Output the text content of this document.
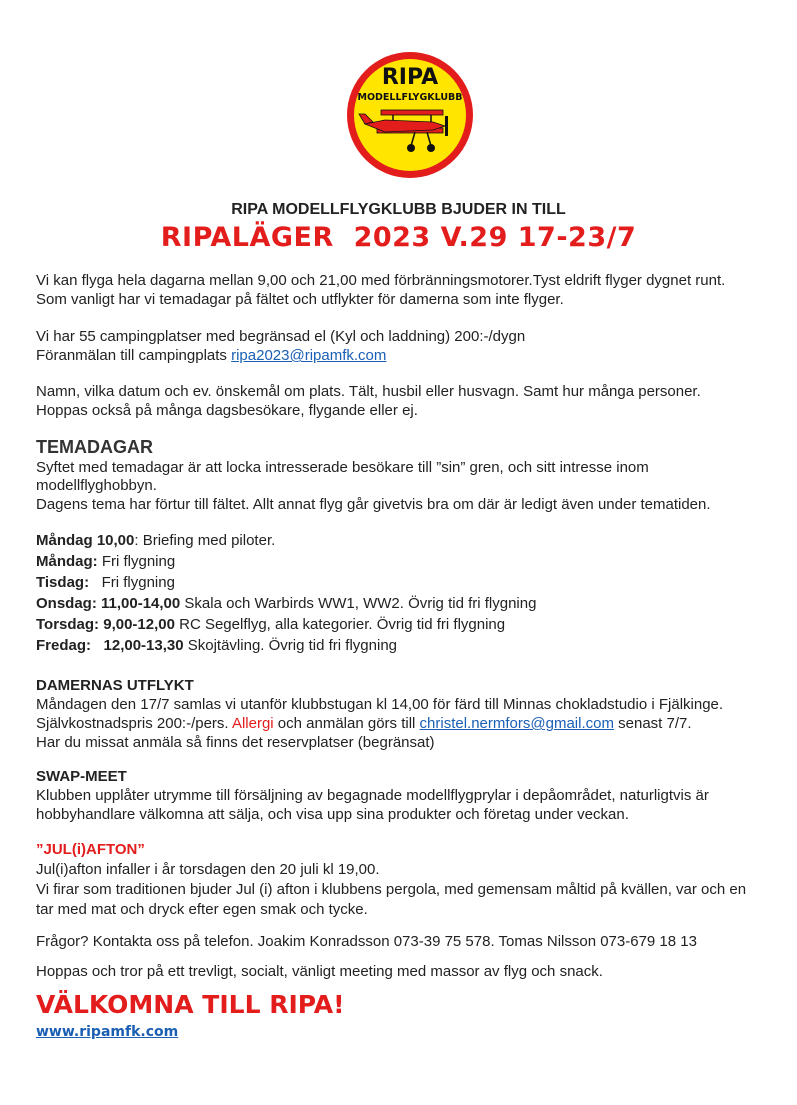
RIPA
MODELLFLYGKLUBB
RIPA MODELLFLYGKLUBB BJUDER IN TILL
RIPALÄGER  2023 V.29 17-23/7
Vi kan flyga hela dagarna mellan 9,00 och 21,00 med förbränningsmotorer.Tyst eldrift flyger dygnet runt.
Som vanligt har vi temadagar på fältet och utflykter för damerna som inte flyger.
Vi har 55 campingplatser med begränsad el (Kyl och laddning) 200:-/dygn
Föranmälan till campingplats ripa2023@ripamfk.com
Namn, vilka datum och ev. önskemål om plats. Tält, husbil eller husvagn. Samt hur många personer.
Hoppas också på många dagsbesökare, flygande eller ej.
TEMADAGAR
Syftet med temadagar är att locka intresserade besökare till ”sin” gren, och sitt intresse inom
modellflyghobbyn.
Dagens tema har förtur till fältet. Allt annat flyg går givetvis bra om där är ledigt även under tematiden.
Måndag 10,00: Briefing med piloter.
Måndag: Fri flygning
Tisdag:   Fri flygning
Onsdag: 11,00-14,00 Skala och Warbirds WW1, WW2. Övrig tid fri flygning
Torsdag: 9,00-12,00 RC Segelflyg, alla kategorier. Övrig tid fri flygning
Fredag:   12,00-13,30 Skojtävling. Övrig tid fri flygning
DAMERNAS UTFLYKT
Måndagen den 17/7 samlas vi utanför klubbstugan kl 14,00 för färd till Minnas chokladstudio i Fjälkinge.
Självkostnadspris 200:-/pers. Allergi och anmälan görs till christel.nermfors@gmail.com senast 7/7.
Har du missat anmäla så finns det reservplatser (begränsat)
SWAP-MEET
Klubben upplåter utrymme till försäljning av begagnade modellflygprylar i depåområdet, naturligtvis är
hobbyhandlare välkomna att sälja, och visa upp sina produkter och företag under veckan.
”JUL(i)AFTON”
Jul(i)afton infaller i år torsdagen den 20 juli kl 19,00.
Vi firar som traditionen bjuder Jul (i) afton i klubbens pergola, med gemensam måltid på kvällen, var och en
tar med mat och dryck efter egen smak och tycke.
Frågor? Kontakta oss på telefon. Joakim Konradsson 073-39 75 578. Tomas Nilsson 073-679 18 13
Hoppas och tror på ett trevligt, socialt, vänligt meeting med massor av flyg och snack.
VÄLKOMNA TILL RIPA!
www.ripamfk.com
